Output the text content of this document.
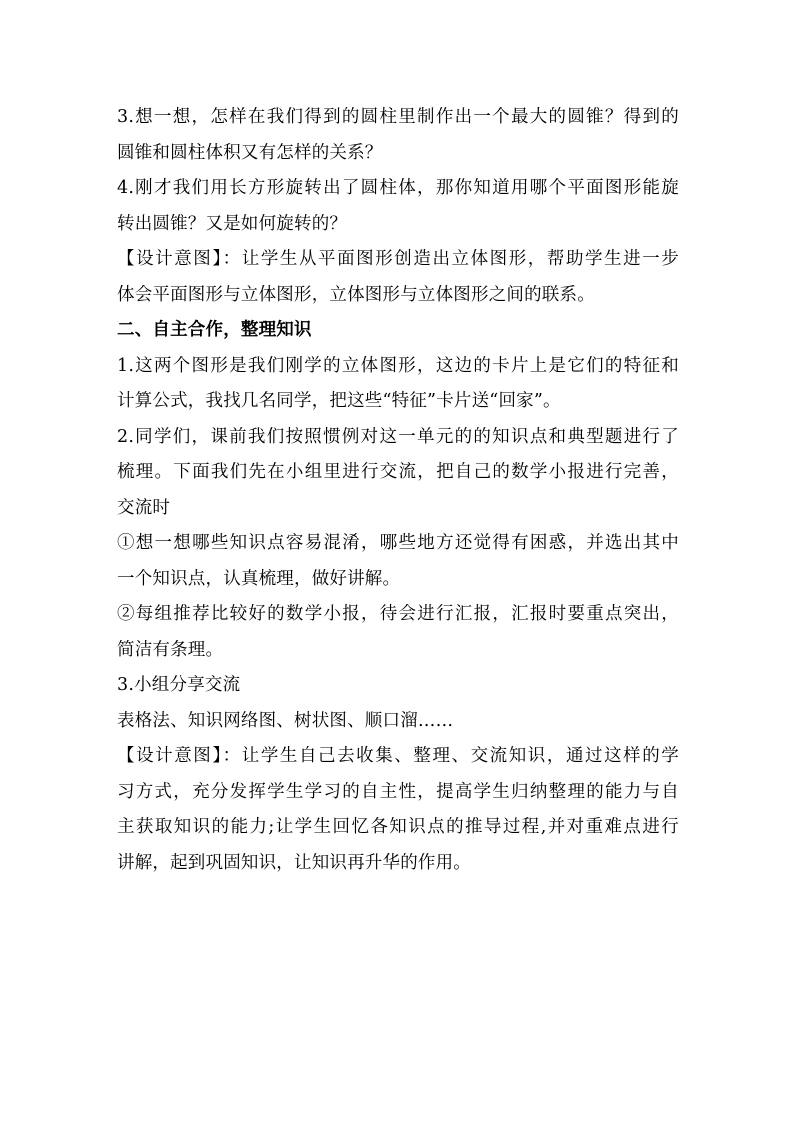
3.想一想，怎样在我们得到的圆柱里制作出一个最大的圆锥？得到的
圆锥和圆柱体积又有怎样的关系？
4.刚才我们用长方形旋转出了圆柱体，那你知道用哪个平面图形能旋
转出圆锥？又是如何旋转的？
【设计意图】：让学生从平面图形创造出立体图形，帮助学生进一步
体会平面图形与立体图形，立体图形与立体图形之间的联系。
二、自主合作，整理知识
1.这两个图形是我们刚学的立体图形，这边的卡片上是它们的特征和
计算公式，我找几名同学，把这些“特征”卡片送“回家”。
2.同学们，课前我们按照惯例对这一单元的的知识点和典型题进行了
梳理。下面我们先在小组里进行交流，把自己的数学小报进行完善，
交流时
①想一想哪些知识点容易混淆，哪些地方还觉得有困惑，并选出其中
一个知识点，认真梳理，做好讲解。
②每组推荐比较好的数学小报，待会进行汇报，汇报时要重点突出，
简洁有条理。
3.小组分享交流
表格法、知识网络图、树状图、顺口溜……
【设计意图】：让学生自己去收集、整理、交流知识，通过这样的学
习方式，充分发挥学生学习的自主性，提高学生归纳整理的能力与自
主获取知识的能力;让学生回忆各知识点的推导过程,并对重难点进行
讲解，起到巩固知识，让知识再升华的作用。
